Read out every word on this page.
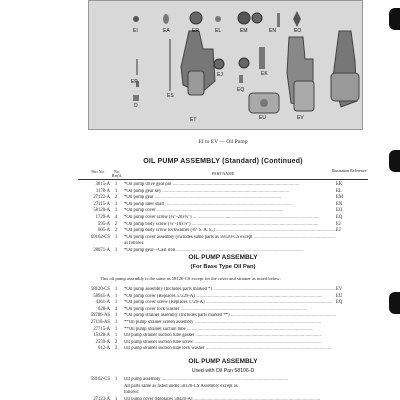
EI	EA	ER	EL	EM	EN	EO
EQ
EP
EJ	EK
D
ES
ET	EU	EV
EI to EV — Oil Pump
OIL PUMP ASSEMBLY (Standard) (Continued)
Part No.	No. Req'd.	PART NAME
Illustration Reference
3815-A	1	*Oil pump drive gear pin .....	EK
1178-A	1	*Oil pump gear key .....	EL
27122-A	2	*Oil pump gear .....	EM
27115-A	1	*Oil pump idler shaft .....	EN
58120-A	1	*Oil pump cover .....	EO
1729-A	4	*Oil pump cover screw (¼"-20x¾") .....	EQ
595-A	2	*Oil pump body screw (¼"-18x⅞") .....	EJ
605-A	2	*Oil pump body screw lockwasher (⅜" S. A. E.) .....	EJ
69162-CS	1	*Oil pump cover assembly (includes same parts as 58120-CS except .....
as follows:
28071-A	1	*Oil pump gear—Cast iron .....
OIL PUMP ASSEMBLY
(For Base Type Oil Pan)
This oil pump assembly is the same as 58120-CS except for the cover and strainer as noted below:
58120-CS	1	*Oil pump assembly (Includes parts marked *) .....	EV
58941-A	1	*Oil pump cover (Replaces 57229-A) .....	EU
4361-A	1	*Oil pump cover screw (Replaces 1729-A) .....	EQ
628-A	4	*Oil pump cover lock washer .....
58706-AS	1	*Oil pump strainer assembly (Includes parts marked **) .....
27118-AS	1	**Oil pump strainer screen assembly .....
27715-A	1	**Oil pump strainer suction tube .....
15128-A	1	Oil pump strainer suction tube gasket .....
2559-A	2	Oil pump strainer suction tube screw .....
612-A	2	Oil pump strainer suction tube lock washer .....
OIL PUMP ASSEMBLY
Used with Oil Pan 58106-D
58162-CS	1	Oil pump assembly .....
All parts same as listed under 58120-CS Assembly except as
follows:
27123-A	1	Oil pump cover (Replaces 58420-A) .....
